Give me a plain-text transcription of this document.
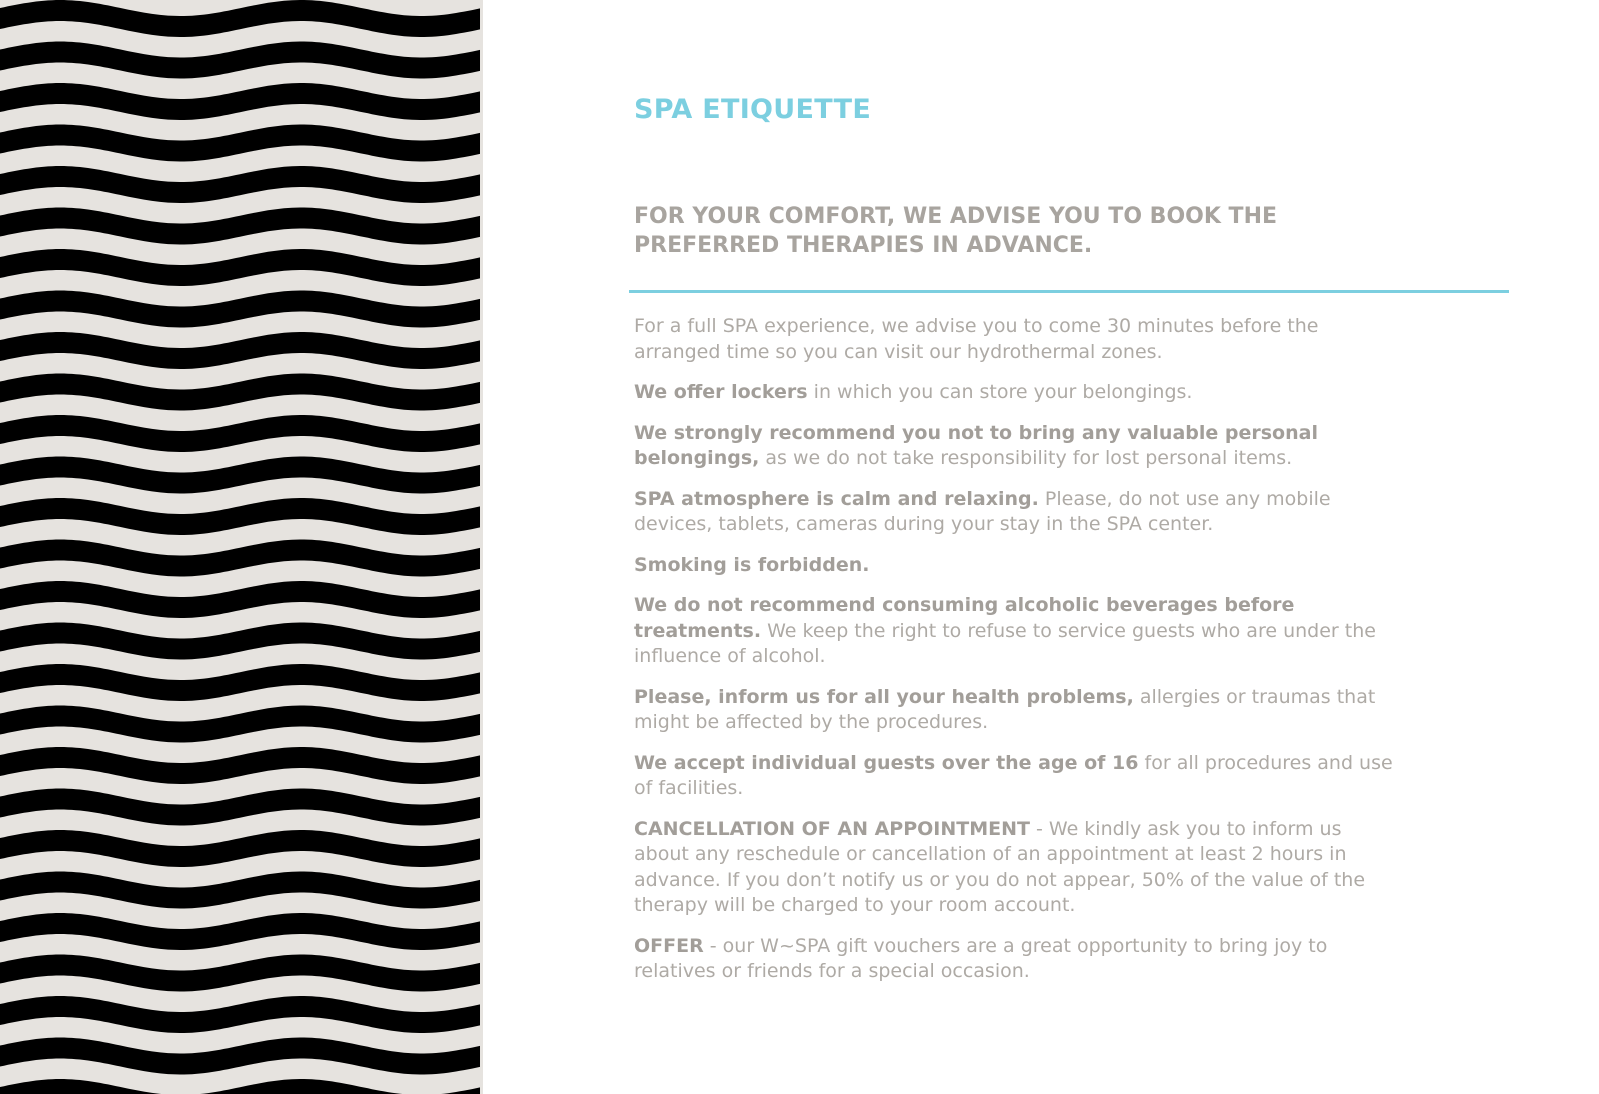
SPA ETIQUETTE
FOR YOUR COMFORT, WE ADVISE YOU TO BOOK THE PREFERRED THERAPIES IN ADVANCE.

For a full SPA experience, we advise you to come 30 minutes before the arranged time so you can visit our hydrothermal zones.

We offer lockers in which you can store your belongings.

We strongly recommend you not to bring any valuable personal belongings, as we do not take responsibility for lost personal items.

SPA atmosphere is calm and relaxing. Please, do not use any mobile devices, tablets, cameras during your stay in the SPA center.

Smoking is forbidden.

We do not recommend consuming alcoholic beverages before treatments. We keep the right to refuse to service guests who are under the influence of alcohol.

Please, inform us for all your health problems, allergies or traumas that might be affected by the procedures.

We accept individual guests over the age of 16 for all procedures and use of facilities.

CANCELLATION OF AN APPOINTMENT - We kindly ask you to inform us about any reschedule or cancellation of an appointment at least 2 hours in advance. If you don’t notify us or you do not appear, 50% of the value of the therapy will be charged to your room account.

OFFER - our W~SPA gift vouchers are a great opportunity to bring joy to relatives or friends for a special occasion.
